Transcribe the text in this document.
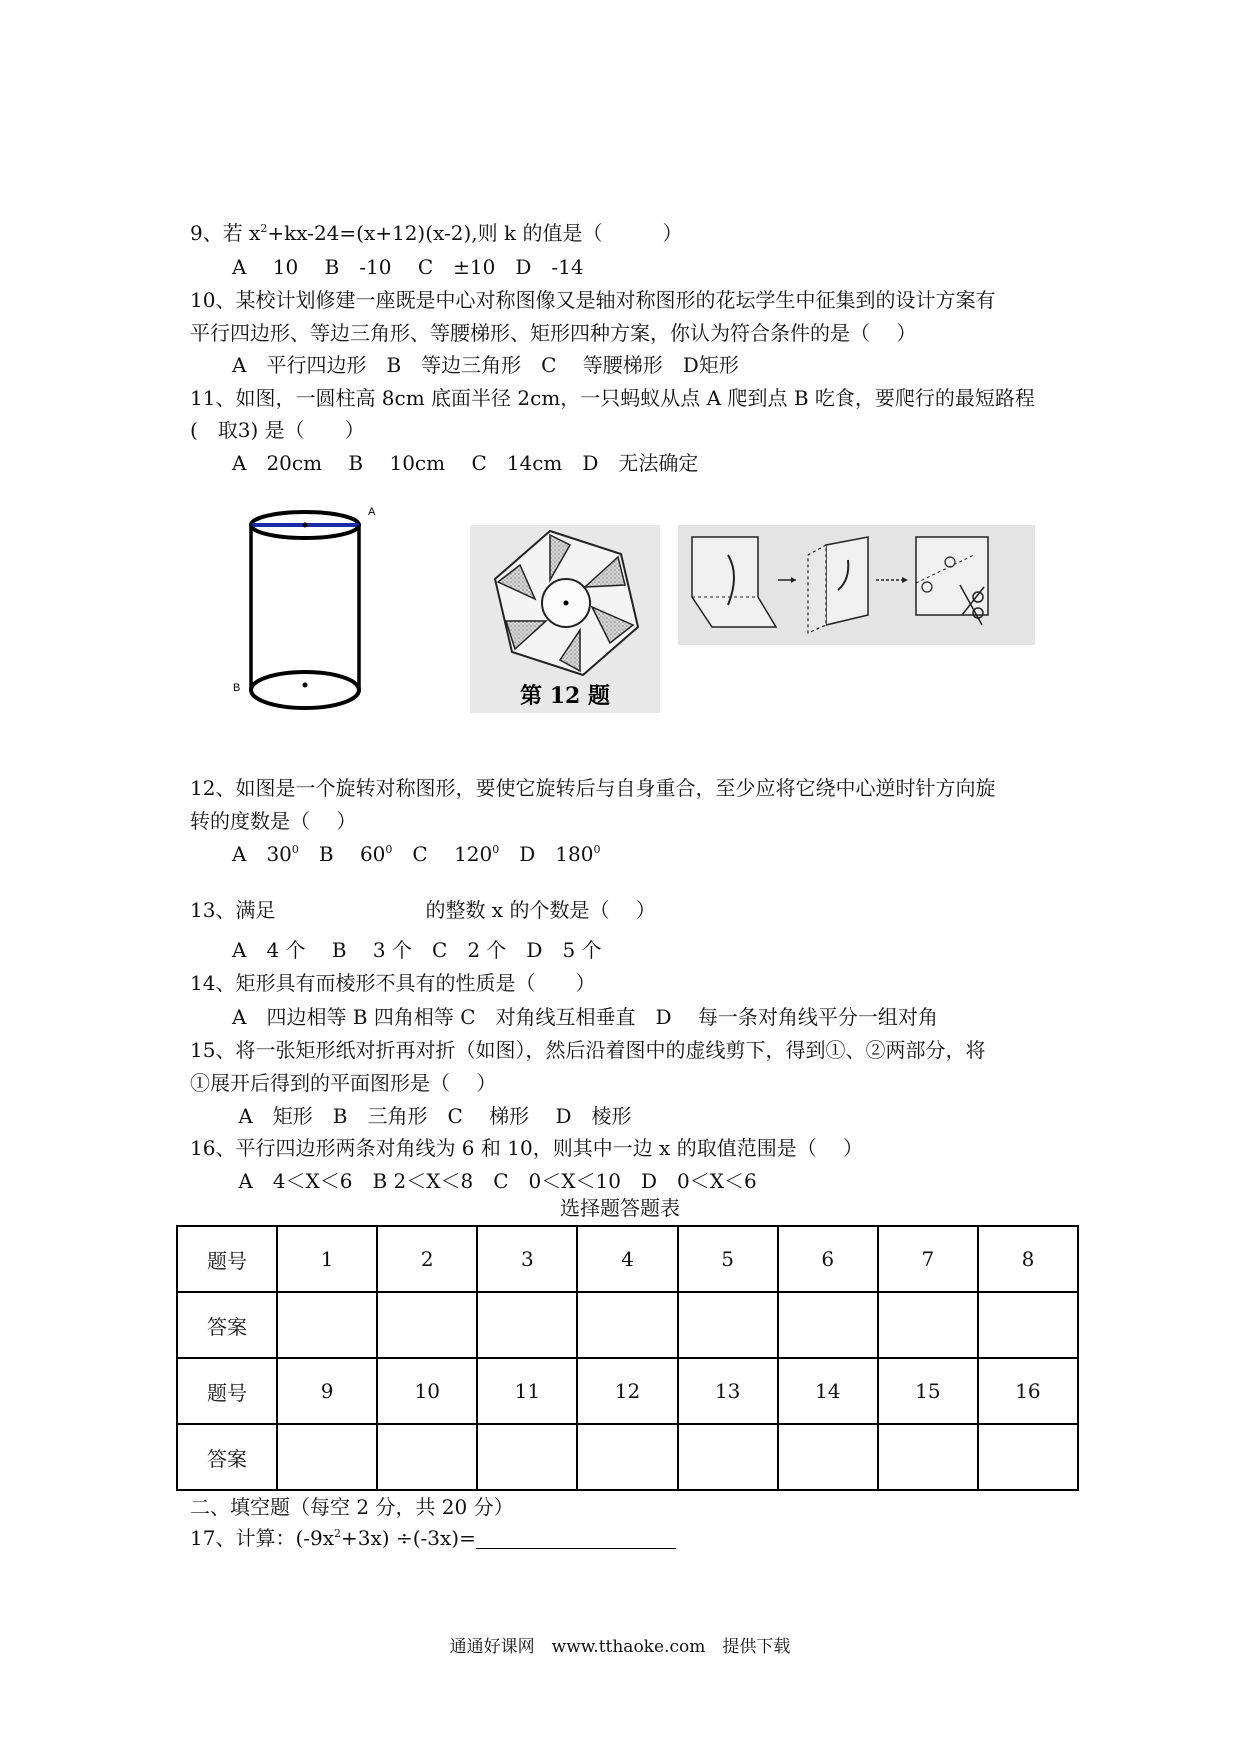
9、若 $x^2+kx-24=(x+12)(x-2)$,则 k 的值是（　　　）
A　 10　 B　-10　 C　±10　D　-14
10、某校计划修建一座既是中心对称图像又是轴对称图形的花坛学生中征集到的设计方案有
平行四边形、等边三角形、等腰梯形、矩形四种方案，你认为符合条件的是（　 ）
A　平行四边形　B　等边三角形　C　 等腰梯形　D矩形
11、如图，一圆柱高 8cm 底面半径 2cm，一只蚂蚁从点 A 爬到点 B 吃食，要爬行的最短路程
(　取3) 是（　　）
A　20cm　 B　 10cm　 C　14cm　D　无法确定
A
B	第 12 题
12、如图是一个旋转对称图形，要使它旋转后与自身重合，至少应将它绕中心逆时针方向旋
转的度数是（　 ）
A　$30^0$　B　 $60^0$　C　 $120^0$　D　$180^0$
13、满足	的整数 x 的个数是（　 ）
A　4 个　 B　 3 个　C　2 个　D　5 个
14、矩形具有而棱形不具有的性质是（　　）
A　四边相等 B 四角相等 C　对角线互相垂直　D　 每一条对角线平分一组对角
15、将一张矩形纸对折再对折（如图），然后沿着图中的虚线剪下，得到①、②两部分，将
①展开后得到的平面图形是（　 ）
A　矩形　B　三角形　C　 梯形　 D　棱形
16、平行四边形两条对角线为 6 和 10，则其中一边 x 的取值范围是（　 ）
A　4＜X＜6　B 2＜X＜8　C　0＜X＜10　D　0＜X＜6
选择题答题表
题号	1	2	3	4	5	6	7	8
答案								
题号	9	10	11	12	13	14	15	16
答案								
二、填空题（每空 2 分，共 20 分）
17、计算：$(-9x^2+3x) \div(-3x)=$
通通好课网　www.tthaoke.com　提供下载
